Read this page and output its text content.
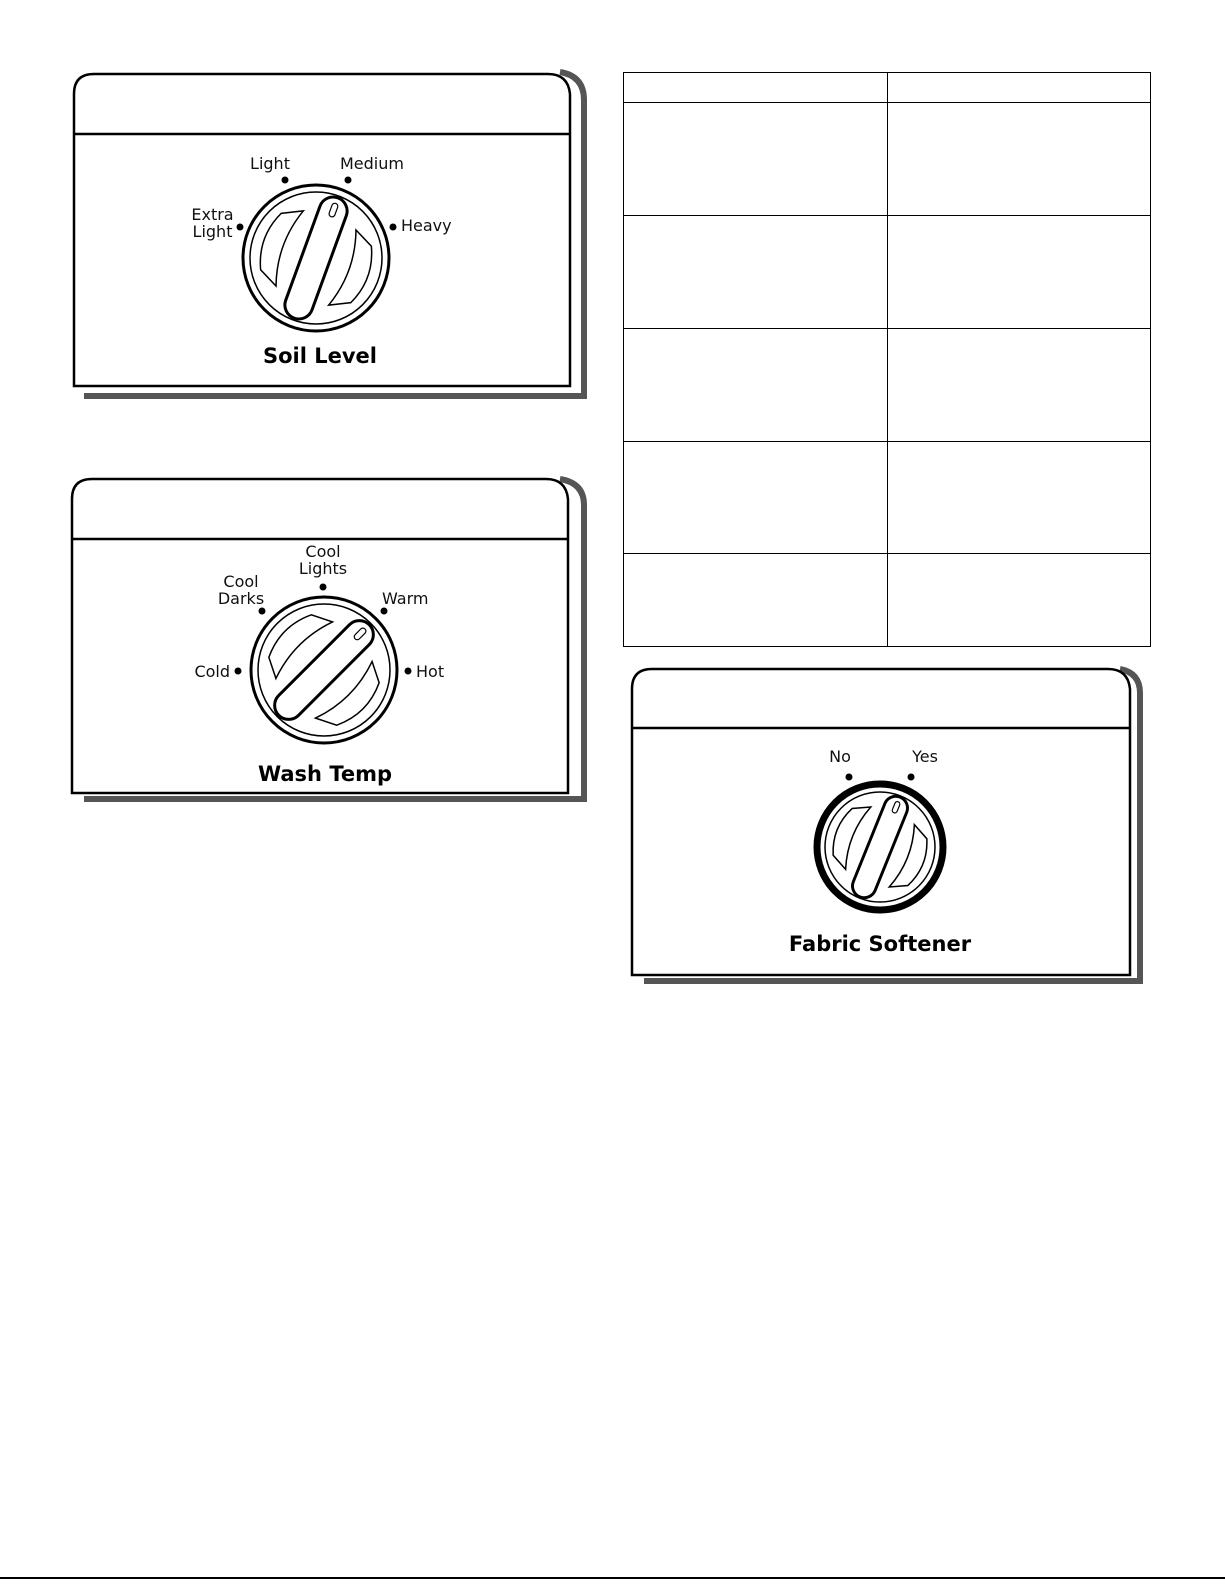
Extra
Light
Light	Medium
Heavy
Soil Level
Cold
Cool
Darks
Cool
Lights
Warm
Hot
Wash Temp

No	Yes
Fabric Softener
